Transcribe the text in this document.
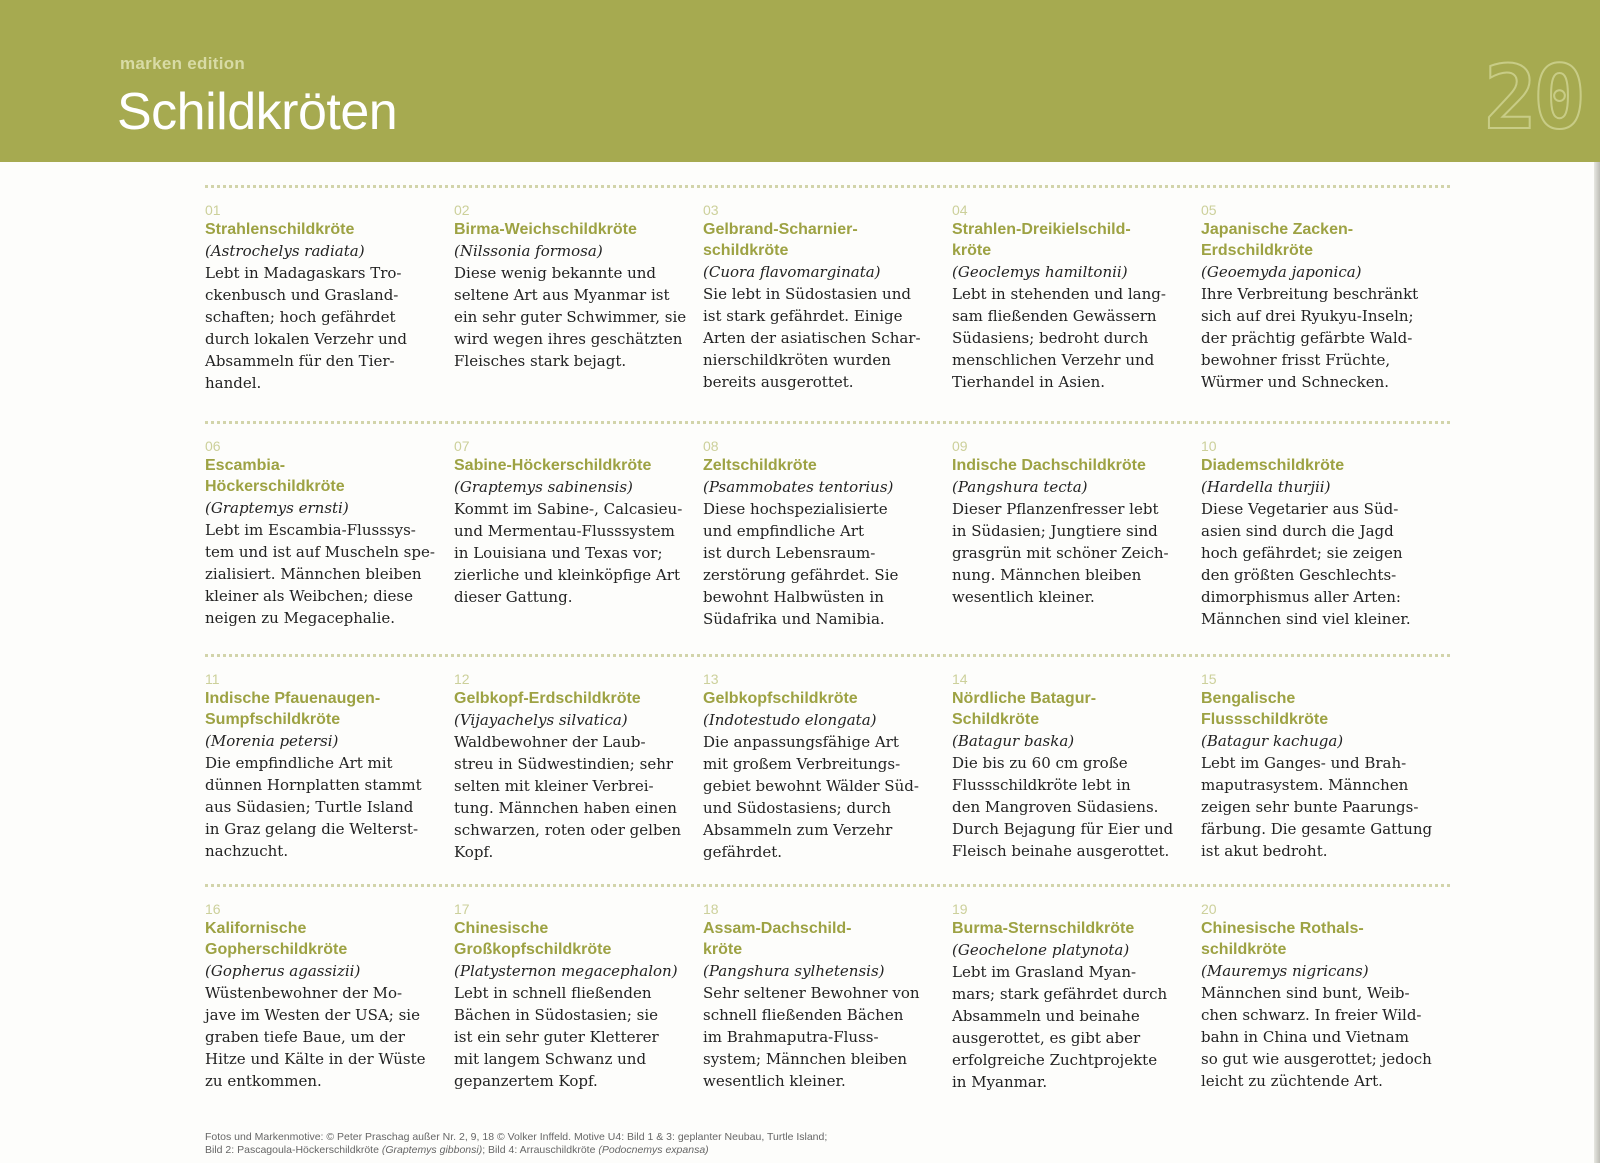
marken edition
Schildkröten	20
01
Strahlenschildkröte
(Astrochelys radiata)
Lebt in Madagaskars Tro-
ckenbusch und Grasland-
schaften; hoch gefährdet
durch lokalen Verzehr und
Absammeln für den Tier-
handel.
02
Birma-Weichschildkröte
(Nilssonia formosa)
Diese wenig bekannte und
seltene Art aus Myanmar ist
ein sehr guter Schwimmer, sie
wird wegen ihres geschätzten
Fleisches stark bejagt.
03
Gelbrand-Scharnier-
schildkröte
(Cuora flavomarginata)
Sie lebt in Südostasien und
ist stark gefährdet. Einige
Arten der asiatischen Schar-
nierschildkröten wurden
bereits ausgerottet.
04
Strahlen-Dreikielschild-
kröte
(Geoclemys hamiltonii)
Lebt in stehenden und lang-
sam fließenden Gewässern
Südasiens; bedroht durch
menschlichen Verzehr und
Tierhandel in Asien.
05
Japanische Zacken-
Erdschildkröte
(Geoemyda japonica)
Ihre Verbreitung beschränkt
sich auf drei Ryukyu-Inseln;
der prächtig gefärbte Wald-
bewohner frisst Früchte,
Würmer und Schnecken.
06
Escambia-
Höckerschildkröte
(Graptemys ernsti)
Lebt im Escambia-Flusssys-
tem und ist auf Muscheln spe-
zialisiert. Männchen bleiben
kleiner als Weibchen; diese
neigen zu Megacephalie.
07
Sabine-Höckerschildkröte
(Graptemys sabinensis)
Kommt im Sabine-, Calcasieu-
und Mermentau-Flusssystem
in Louisiana und Texas vor;
zierliche und kleinköpfige Art
dieser Gattung.
08
Zeltschildkröte
(Psammobates tentorius)
Diese hochspezialisierte
und empfindliche Art
ist durch Lebensraum-
zerstörung gefährdet. Sie
bewohnt Halbwüsten in
Südafrika und Namibia.
09
Indische Dachschildkröte
(Pangshura tecta)
Dieser Pflanzenfresser lebt
in Südasien; Jungtiere sind
grasgrün mit schöner Zeich-
nung. Männchen bleiben
wesentlich kleiner.
10
Diademschildkröte
(Hardella thurjii)
Diese Vegetarier aus Süd-
asien sind durch die Jagd
hoch gefährdet; sie zeigen
den größten Geschlechts-
dimorphismus aller Arten:
Männchen sind viel kleiner.
11
Indische Pfauenaugen-
Sumpfschildkröte
(Morenia petersi)
Die empfindliche Art mit
dünnen Hornplatten stammt
aus Südasien; Turtle Island
in Graz gelang die Welterst-
nachzucht.
12
Gelbkopf-Erdschildkröte
(Vijayachelys silvatica)
Waldbewohner der Laub-
streu in Südwestindien; sehr
selten mit kleiner Verbrei-
tung. Männchen haben einen
schwarzen, roten oder gelben
Kopf.
13
Gelbkopfschildkröte
(Indotestudo elongata)
Die anpassungsfähige Art
mit großem Verbreitungs-
gebiet bewohnt Wälder Süd-
und Südostasiens; durch
Absammeln zum Verzehr
gefährdet.
14
Nördliche Batagur-
Schildkröte
(Batagur baska)
Die bis zu 60 cm große
Flussschildkröte lebt in
den Mangroven Südasiens.
Durch Bejagung für Eier und
Fleisch beinahe ausgerottet.
15
Bengalische
Flussschildkröte
(Batagur kachuga)
Lebt im Ganges- und Brah-
maputrasystem. Männchen
zeigen sehr bunte Paarungs-
färbung. Die gesamte Gattung
ist akut bedroht.
16
Kalifornische
Gopherschildkröte
(Gopherus agassizii)
Wüstenbewohner der Mo-
jave im Westen der USA; sie
graben tiefe Baue, um der
Hitze und Kälte in der Wüste
zu entkommen.
17
Chinesische
Großkopfschildkröte
(Platysternon megacephalon)
Lebt in schnell fließenden
Bächen in Südostasien; sie
ist ein sehr guter Kletterer
mit langem Schwanz und
gepanzertem Kopf.
18
Assam-Dachschild-
kröte
(Pangshura sylhetensis)
Sehr seltener Bewohner von
schnell fließenden Bächen
im Brahmaputra-Fluss-
system; Männchen bleiben
wesentlich kleiner.
19
Burma-Sternschildkröte
(Geochelone platynota)
Lebt im Grasland Myan-
mars; stark gefährdet durch
Absammeln und beinahe
ausgerottet, es gibt aber
erfolgreiche Zuchtprojekte
in Myanmar.
20
Chinesische Rothals-
schildkröte
(Mauremys nigricans)
Männchen sind bunt, Weib-
chen schwarz. In freier Wild-
bahn in China und Vietnam
so gut wie ausgerottet; jedoch
leicht zu züchtende Art.
Fotos und Markenmotive: © Peter Praschag außer Nr. 2, 9, 18 © Volker Inffeld. Motive U4: Bild 1 & 3: geplanter Neubau, Turtle Island;
Bild 2: Pascagoula-Höckerschildkröte (Graptemys gibbonsi); Bild 4: Arrauschildkröte (Podocnemys expansa)
